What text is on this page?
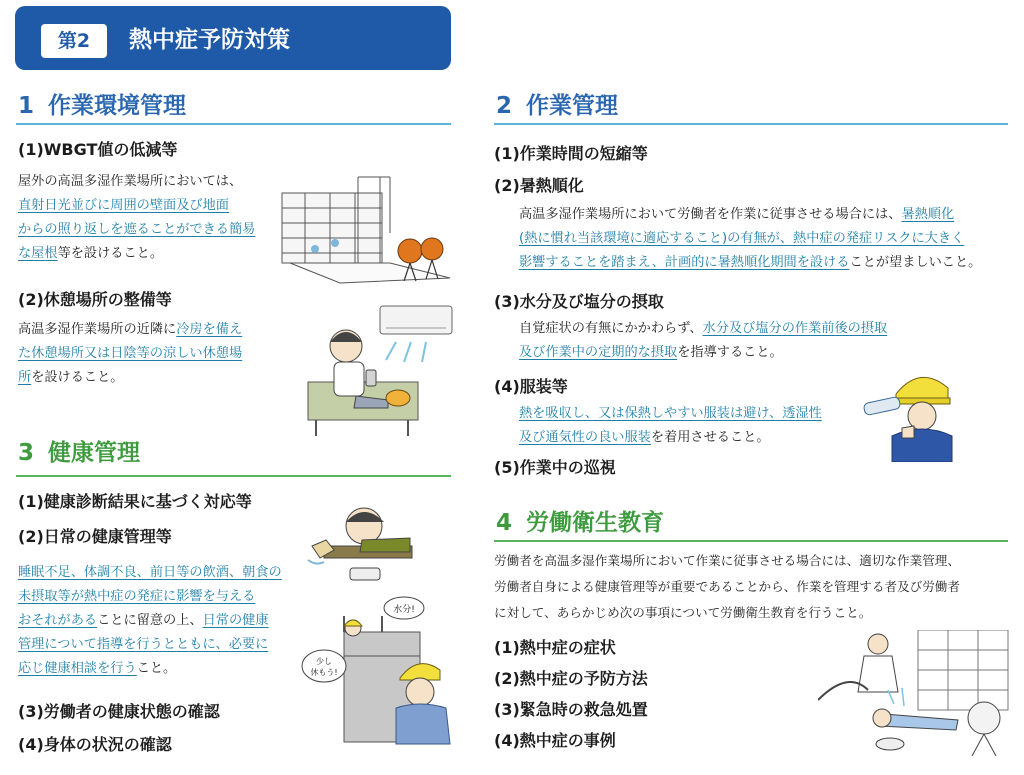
第2	熱中症予防対策
1 作業環境管理
(1)WBGT値の低減等
屋外の高温多湿作業場所においては、
直射日光並びに周囲の壁面及び地面
からの照り返しを遮ることができる簡易
な屋根等を設けること。
(2)休憩場所の整備等
高温多湿作業場所の近隣に冷房を備え
た休憩場所又は日陰等の涼しい休憩場
所を設けること。
3 健康管理
(1)健康診断結果に基づく対応等
(2)日常の健康管理等
睡眠不足、体調不良、前日等の飲酒、朝食の
未摂取等が熱中症の発症に影響を与える
おそれがあることに留意の上、日常の健康
管理について指導を行うとともに、必要に
応じ健康相談を行うこと。
(3)労働者の健康状態の確認
(4)身体の状況の確認
2 作業管理
(1)作業時間の短縮等
(2)暑熱順化
高温多湿作業場所において労働者を作業に従事させる場合には、暑熱順化
(熱に慣れ当該環境に適応すること)の有無が、熱中症の発症リスクに大きく
影響することを踏まえ、計画的に暑熱順化期間を設けることが望ましいこと。
(3)水分及び塩分の摂取
自覚症状の有無にかかわらず、水分及び塩分の作業前後の摂取
及び作業中の定期的な摂取を指導すること。
(4)服装等
熱を吸収し、又は保熱しやすい服装は避け、透湿性
及び通気性の良い服装を着用させること。
(5)作業中の巡視
4 労働衛生教育
労働者を高温多湿作業場所において作業に従事させる場合には、適切な作業管理、
労働者自身による健康管理等が重要であることから、作業を管理する者及び労働者
に対して、あらかじめ次の事項について労働衛生教育を行うこと。
(1)熱中症の症状
(2)熱中症の予防方法
(3)緊急時の救急処置
(4)熱中症の事例
水分!
少し
休もう!
